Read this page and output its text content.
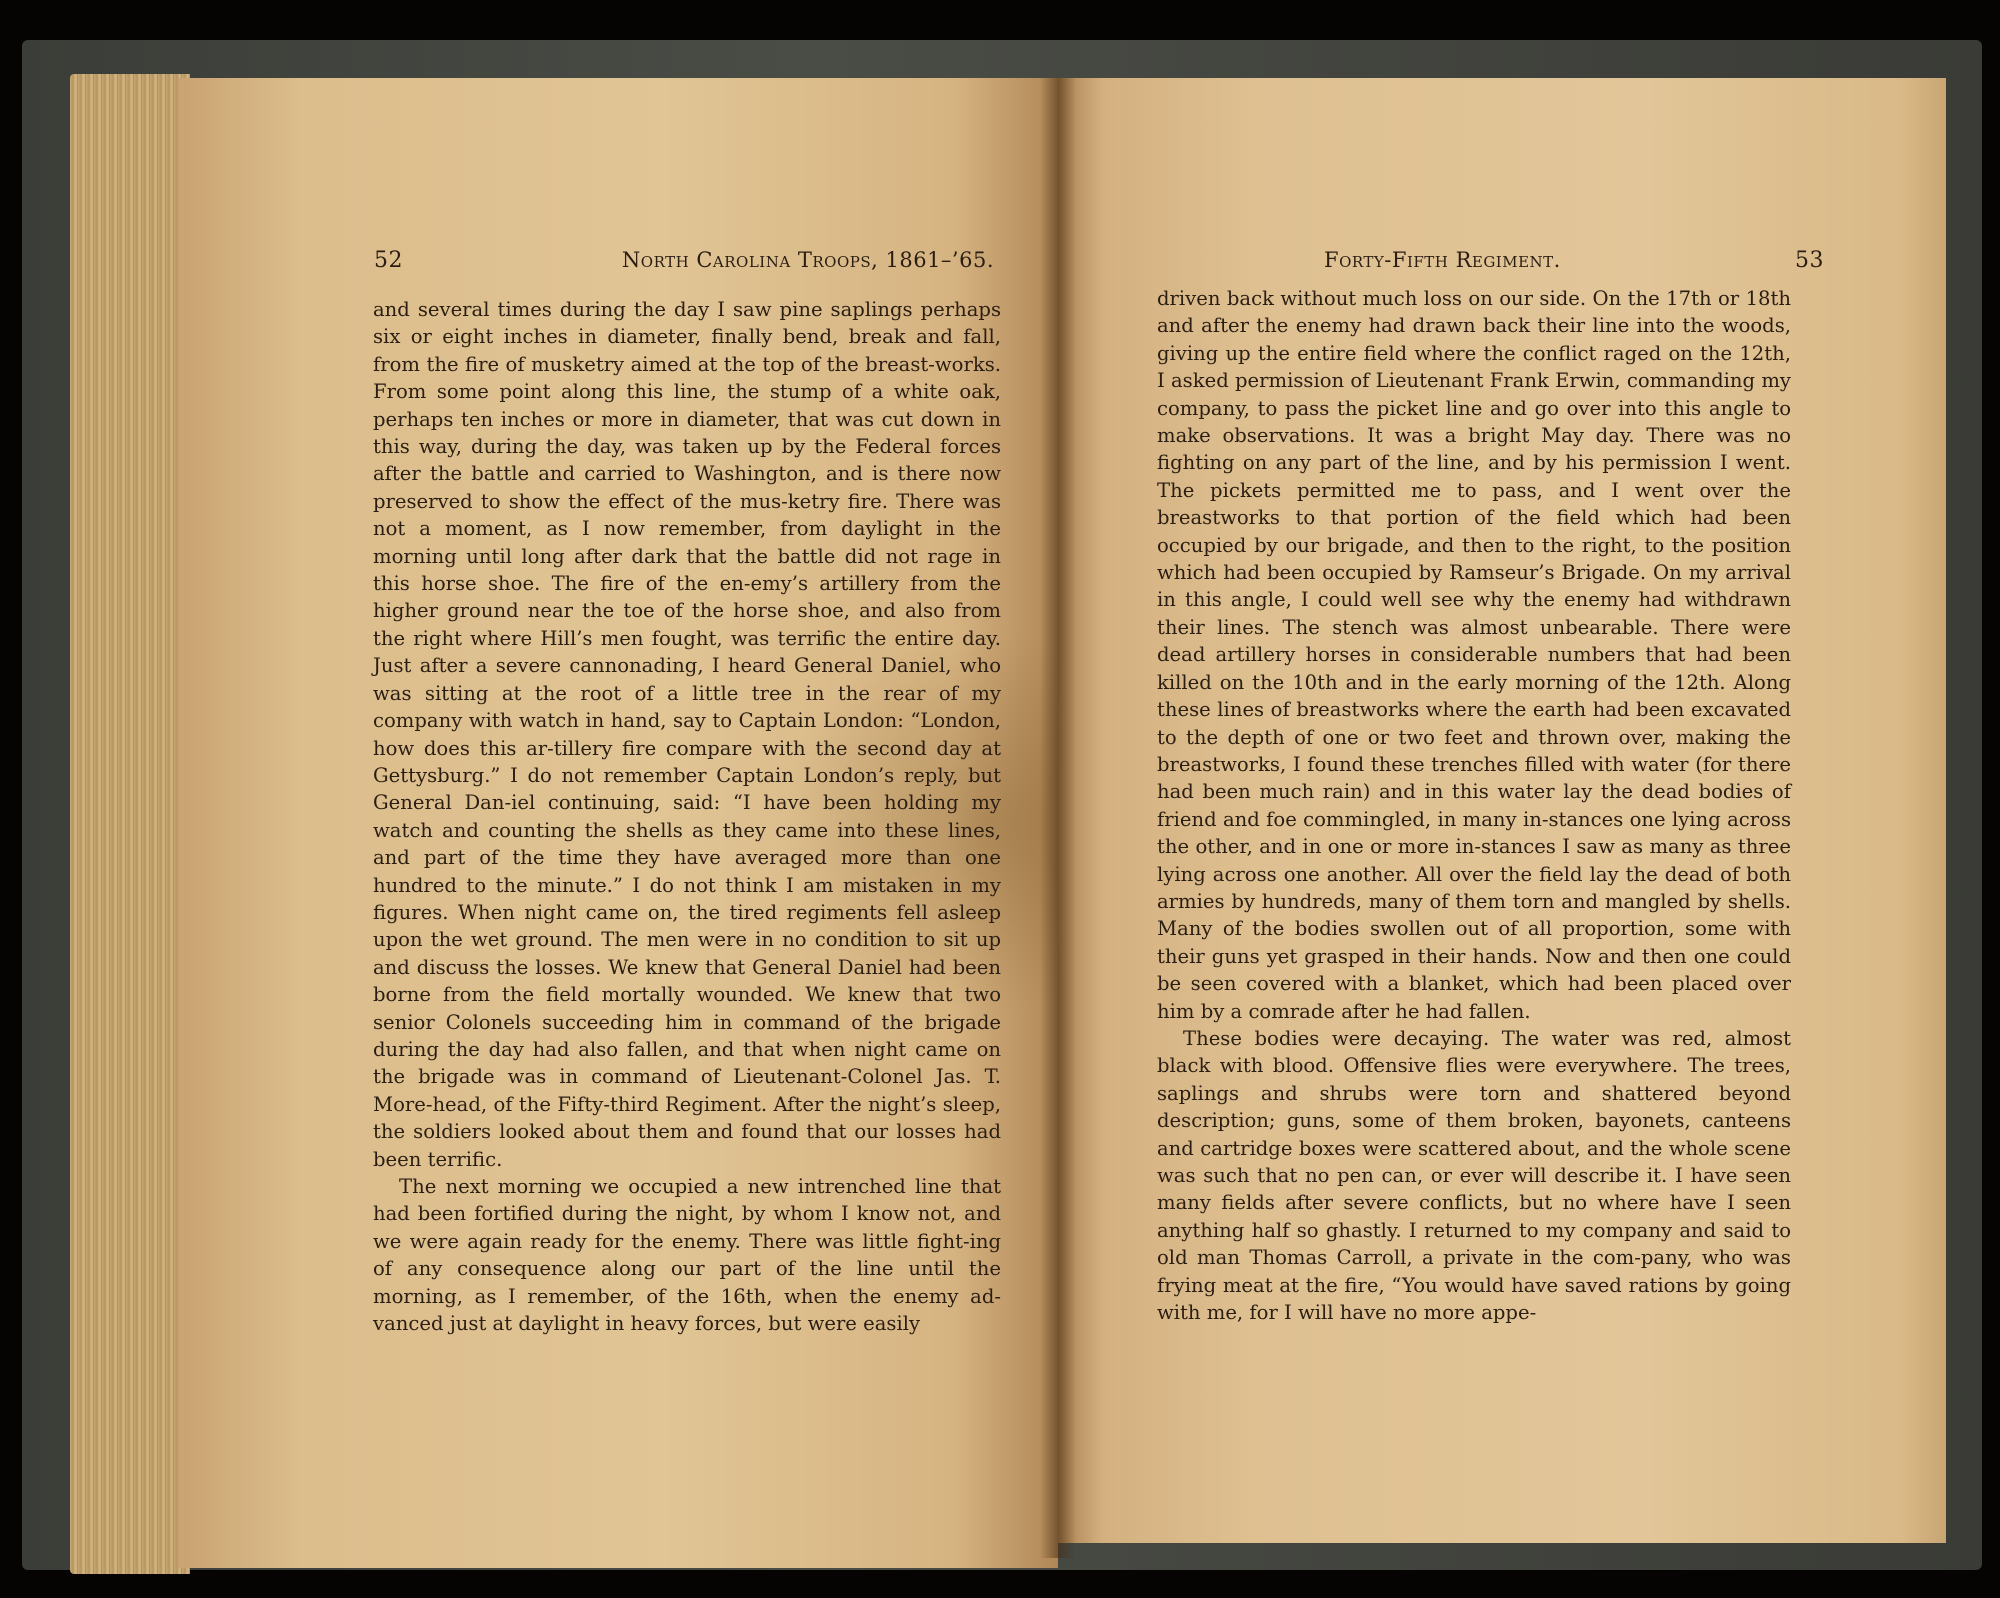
52	North Carolina Troops, 1861–’65.

and several times during the day I saw pine saplings perhaps six or eight inches in diameter, finally bend, break and fall, from the fire of musketry aimed at the top of the breast-works. From some point along this line, the stump of a white oak, perhaps ten inches or more in diameter, that was cut down in this way, during the day, was taken up by the Federal forces after the battle and carried to Washington, and is there now preserved to show the effect of the mus-ketry fire. There was not a moment, as I now remember, from daylight in the morning until long after dark that the battle did not rage in this horse shoe. The fire of the en-emy’s artillery from the higher ground near the toe of the horse shoe, and also from the right where Hill’s men fought, was terrific the entire day. Just after a severe cannonading, I heard General Daniel, who was sitting at the root of a little tree in the rear of my company with watch in hand, say to Captain London: “London, how does this ar-tillery fire compare with the second day at Gettysburg.” I do not remember Captain London’s reply, but General Dan-iel continuing, said: “I have been holding my watch and counting the shells as they came into these lines, and part of the time they have averaged more than one hundred to the minute.” I do not think I am mistaken in my figures. When night came on, the tired regiments fell asleep upon the wet ground. The men were in no condition to sit up and discuss the losses. We knew that General Daniel had been borne from the field mortally wounded. We knew that two senior Colonels succeeding him in command of the brigade during the day had also fallen, and that when night came on the brigade was in command of Lieutenant-Colonel Jas. T. More-head, of the Fifty-third Regiment. After the night’s sleep, the soldiers looked about them and found that our losses had been terrific.

The next morning we occupied a new intrenched line that had been fortified during the night, by whom I know not, and we were again ready for the enemy. There was little fight-ing of any consequence along our part of the line until the morning, as I remember, of the 16th, when the enemy ad-vanced just at daylight in heavy forces, but were easily

Forty-Fifth Regiment.	53

driven back without much loss on our side. On the 17th or 18th and after the enemy had drawn back their line into the woods, giving up the entire field where the conflict raged on the 12th, I asked permission of Lieutenant Frank Erwin, commanding my company, to pass the picket line and go over into this angle to make observations. It was a bright May day. There was no fighting on any part of the line, and by his permission I went. The pickets permitted me to pass, and I went over the breastworks to that portion of the field which had been occupied by our brigade, and then to the right, to the position which had been occupied by Ramseur’s Brigade. On my arrival in this angle, I could well see why the enemy had withdrawn their lines. The stench was almost unbearable. There were dead artillery horses in considerable numbers that had been killed on the 10th and in the early morning of the 12th. Along these lines of breastworks where the earth had been excavated to the depth of one or two feet and thrown over, making the breastworks, I found these trenches filled with water (for there had been much rain) and in this water lay the dead bodies of friend and foe commingled, in many in-stances one lying across the other, and in one or more in-stances I saw as many as three lying across one another. All over the field lay the dead of both armies by hundreds, many of them torn and mangled by shells. Many of the bodies swollen out of all proportion, some with their guns yet grasped in their hands. Now and then one could be seen covered with a blanket, which had been placed over him by a comrade after he had fallen.

These bodies were decaying. The water was red, almost black with blood. Offensive flies were everywhere. The trees, saplings and shrubs were torn and shattered beyond description; guns, some of them broken, bayonets, canteens and cartridge boxes were scattered about, and the whole scene was such that no pen can, or ever will describe it. I have seen many fields after severe conflicts, but no where have I seen anything half so ghastly. I returned to my company and said to old man Thomas Carroll, a private in the com-pany, who was frying meat at the fire, “You would have saved rations by going with me, for I will have no more appe-
